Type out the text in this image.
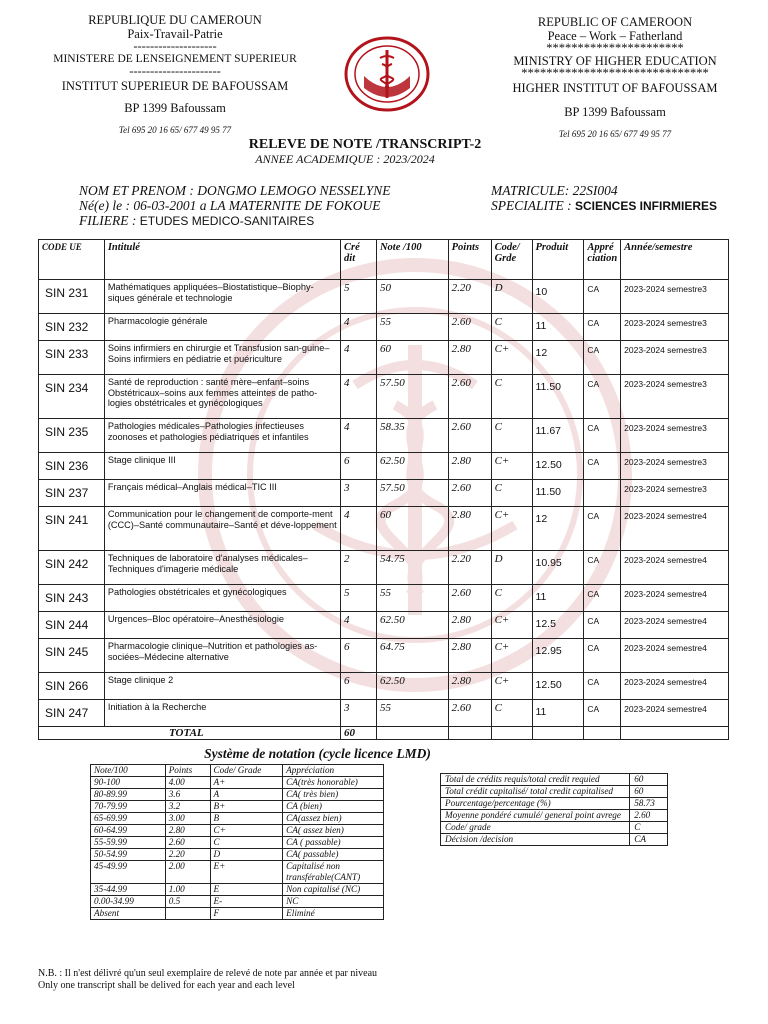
REPUBLIQUE DU CAMEROUN
Paix-Travail-Patrie
--------------------
MINISTERE DE LENSEIGNEMENT SUPERIEUR
----------------------
INSTITUT SUPERIEUR DE BAFOUSSAM
BP 1399 Bafoussam
Tel 695 20 16 65/ 677 49 95 77
REPUBLIC OF CAMEROON
Peace – Work – Fatherland
**********************
MINISTRY OF HIGHER EDUCATION
******************************
HIGHER INSTITUT OF BAFOUSSAM
BP 1399 Bafoussam
Tel 695 20 16 65/ 677 49 95 77
RELEVE DE NOTE /TRANSCRIPT-2
ANNEE ACADEMIQUE : 2023/2024
NOM ET PRENOM : DONGMO LEMOGO NESSELYNE
Né(e) le : 06-03-2001 a LA MATERNITE DE FOKOUE
FILIERE : ETUDES MEDICO-SANITAIRES
MATRICULE: 22SI004
SPECIALITE : SCIENCES INFIRMIERES
CODE UE	Intitulé	Cré dit	Note /100	Points	Code/ Grde	Produit	Appré ciation	Année/semestre
SIN 231	Mathématiques appliquées–Biostatistique–Biophy-siques générale et technologie	5	50	2.20	D	10	CA	2023-2024 semestre3
SIN 232	Pharmacologie générale	4	55	2.60	C	11	CA	2023-2024 semestre3
SIN 233	Soins infirmiers en chirurgie et Transfusion san-guine–Soins infirmiers en pédiatrie et puériculture	4	60	2.80	C+	12	CA	2023-2024 semestre3
SIN 234	Santé de reproduction : santé mère–enfant–soins Obstétricaux–soins aux femmes atteintes de patho-logies obstétricales et gynécologiques	4	57.50	2.60	C	11.50	CA	2023-2024 semestre3
SIN 235	Pathologies médicales–Pathologies infectieuses zoonoses et pathologies pédiatriques et infantiles	4	58.35	2.60	C	11.67	CA	2023-2024 semestre3
SIN 236	Stage clinique III	6	62.50	2.80	C+	12.50	CA	2023-2024 semestre3
SIN 237	Français médical–Anglais médical–TIC III	3	57.50	2.60	C	11.50		2023-2024 semestre3
SIN 241	Communication pour le changement de comporte-ment (CCC)–Santé communautaire–Santé et déve-loppement	4	60	2.80	C+	12	CA	2023-2024 semestre4
SIN 242	Techniques de laboratoire d'analyses médicales–Techniques d'imagerie médicale	2	54.75	2.20	D	10.95	CA	2023-2024 semestre4
SIN 243	Pathologies obstétricales et gynécologiques	5	55	2.60	C	11	CA	2023-2024 semestre4
SIN 244	Urgences–Bloc opératoire–Anesthésiologie	4	62.50	2.80	C+	12.5	CA	2023-2024 semestre4
SIN 245	Pharmacologie clinique–Nutrition et pathologies as-sociées–Médecine alternative	6	64.75	2.80	C+	12.95	CA	2023-2024 semestre4
SIN 266	Stage clinique 2	6	62.50	2.80	C+	12.50	CA	2023-2024 semestre4
SIN 247	Initiation à la Recherche	3	55	2.60	C	11	CA	2023-2024 semestre4
TOTAL		60						
Système de notation (cycle licence LMD)
Note/100	Points	Code/ Grade	Appréciation
90-100	4.00	A+	CA(très honorable)
80-89.99	3.6	A	CA( très bien)
70-79.99	3.2	B+	CA (bien)
65-69.99	3.00	B	CA(assez bien)
60-64.99	2.80	C+	CA( assez bien)
55-59.99	2.60	C	CA ( passable)
50-54.99	2.20	D	CA( passable)
45-49.99	2.00	E+	Capitalisé non transférable(CANT)
35-44.99	1.00	E	Non capitalisé (NC)
0.00-34.99	0.5	E-	NC
Absent		F	Eliminé
Total de crédits requis/total credit requied	60
Total crédit capitalisé/ total credit capitalised	60
Pourcentage/percentage (%)	58.73
Moyenne pondéré cumulé/ general point avrege	2.60
Code/ grade	C
Décision /decision	CA
N.B. : Il n'est délivré qu'un seul exemplaire de relevé de note par année et par niveau
Only one transcript shall be delived for each year and each level
